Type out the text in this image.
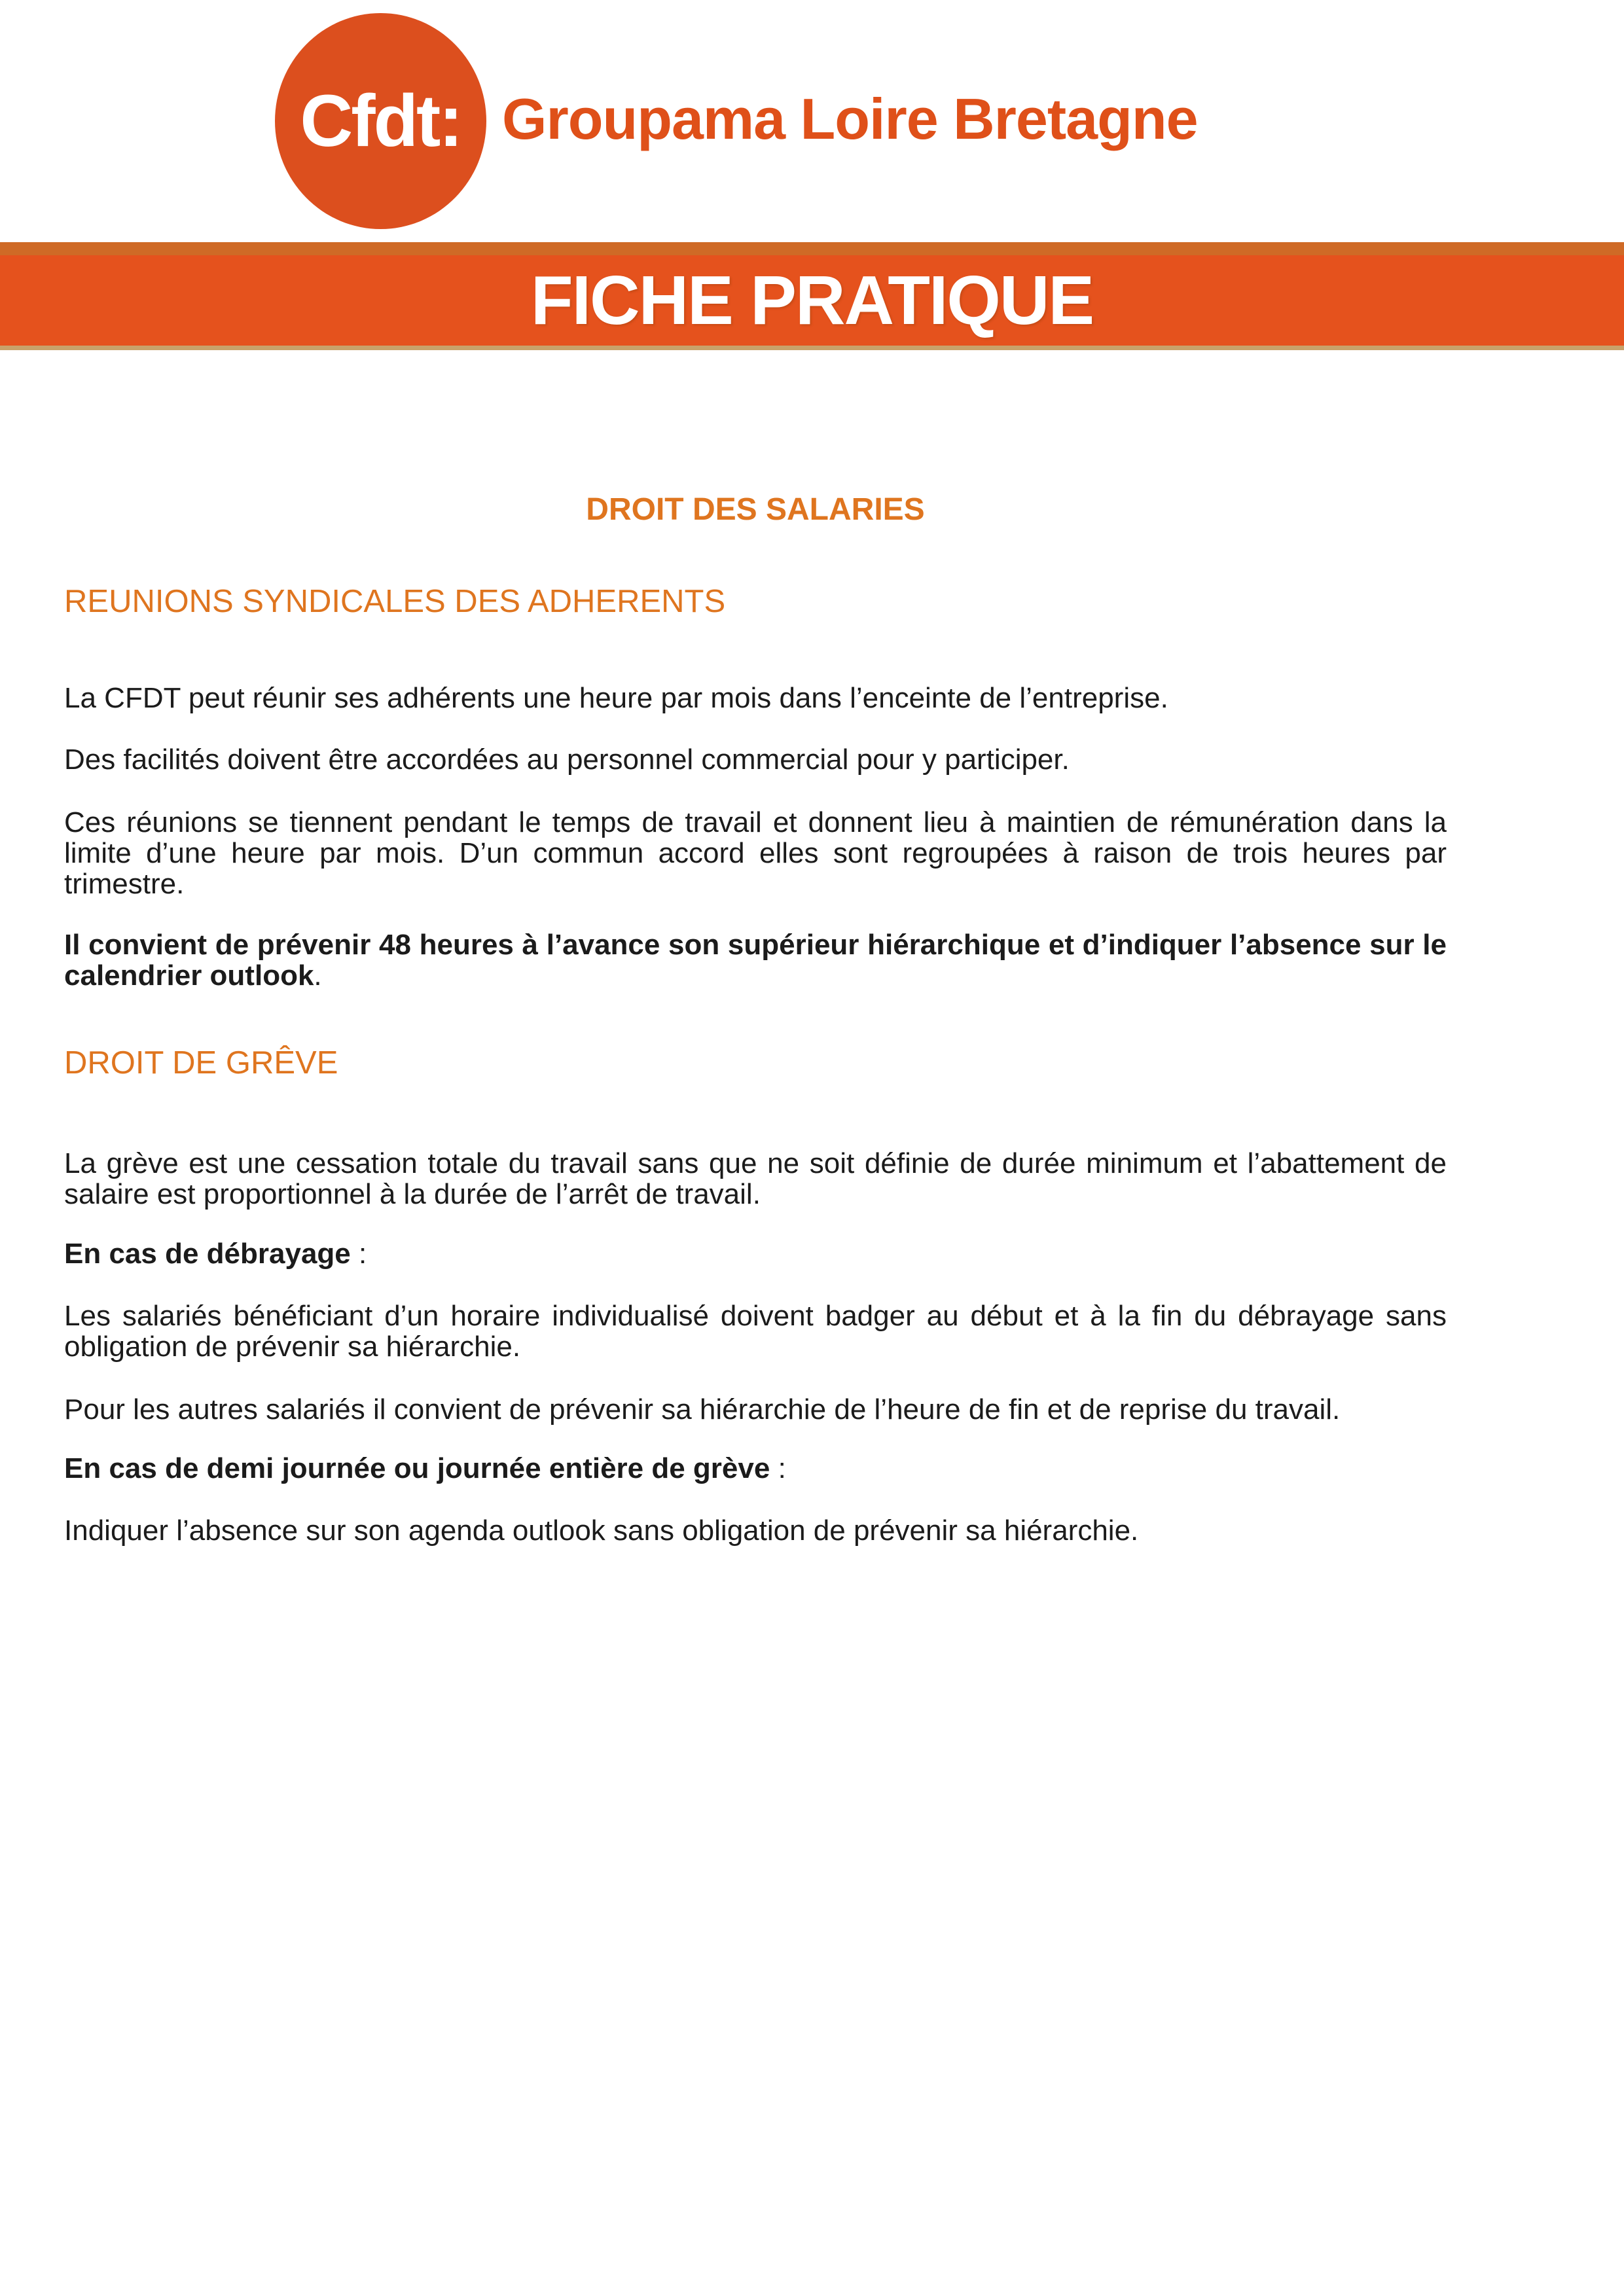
Cfdt: Groupama Loire Bretagne
FICHE PRATIQUE
DROIT DES SALARIES
REUNIONS SYNDICALES DES ADHERENTS

La CFDT peut réunir ses adhérents une heure par mois dans l’enceinte de l’entreprise.

Des facilités doivent être accordées au personnel commercial pour y participer.

Ces réunions se tiennent pendant le temps de travail et donnent lieu à maintien de rémunération dans la limite d’une heure par mois. D’un commun accord elles sont regroupées à raison de trois heures par trimestre.

Il convient de prévenir 48 heures à l’avance son supérieur hiérarchique et d’indiquer l’absence sur le calendrier outlook.

DROIT DE GRÊVE

La grève est une cessation totale du travail sans que ne soit définie de durée minimum et l’abattement de salaire est proportionnel à la durée de l’arrêt de travail.

En cas de débrayage :

Les salariés bénéficiant d’un horaire individualisé doivent badger au début et à la fin du débrayage sans obligation de prévenir sa hiérarchie.

Pour les autres salariés il convient de prévenir sa hiérarchie de l’heure de fin et de reprise du travail.

En cas de demi journée ou journée entière de grève :

Indiquer l’absence sur son agenda outlook sans obligation de prévenir sa hiérarchie.
